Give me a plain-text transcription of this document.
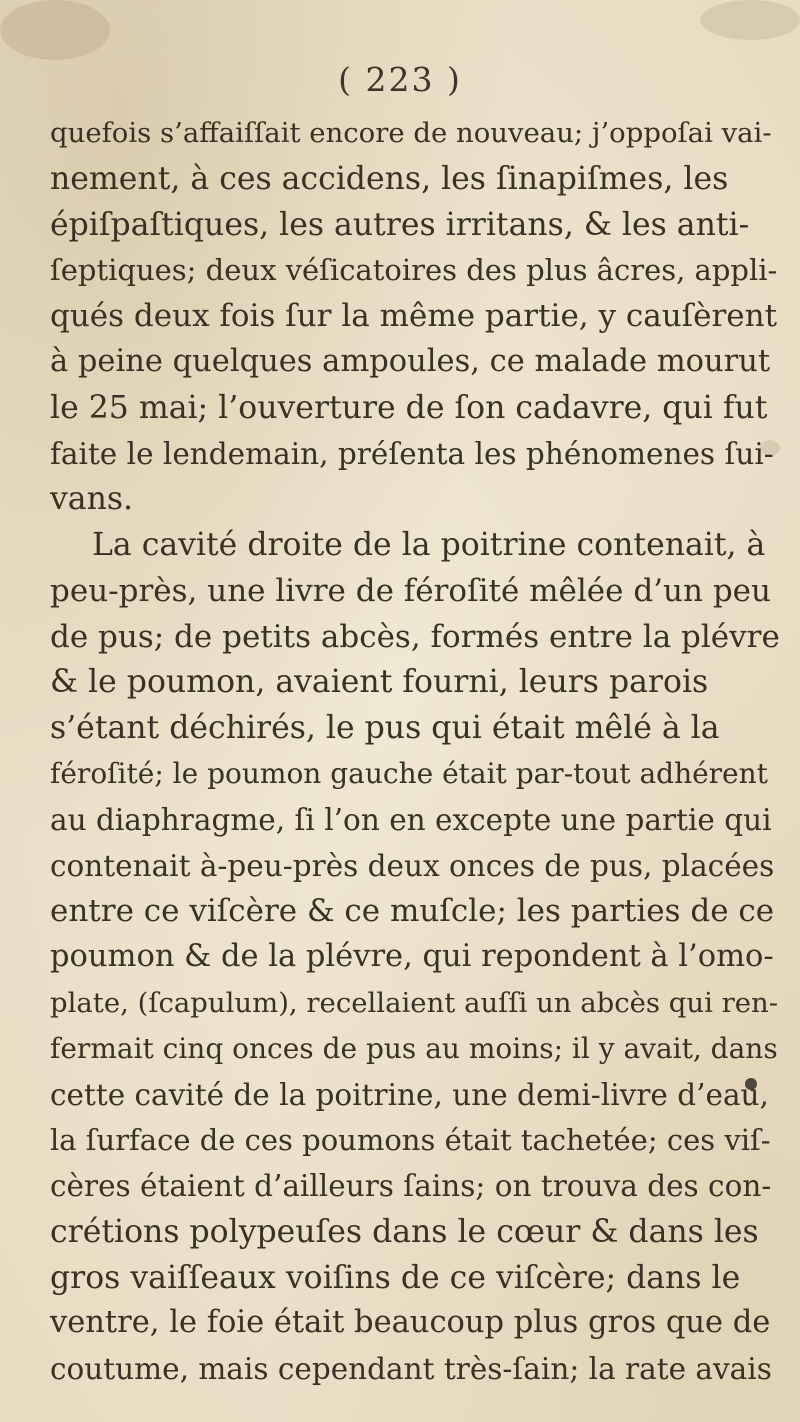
( 223 )
quefois s’affaiſſait encore de nouveau; j’oppoſai vai-
nement, à ces accidens, les ſinapiſmes, les
épiſpaſtiques, les autres irritans, & les anti-
ſeptiques; deux véſicatoires des plus âcres, appli-
qués deux fois ſur la même partie, y cauſèrent
à peine quelques ampoules, ce malade mourut
le 25 mai; l’ouverture de ſon cadavre, qui fut
faite le lendemain, préſenta les phénomenes ſui-
vans.
La cavité droite de la poitrine contenait, à
peu-près, une livre de féroſité mêlée d’un peu
de pus; de petits abcès, formés entre la plévre
& le poumon, avaient fourni, leurs parois
s’étant déchirés, le pus qui était mêlé à la
féroſité; le poumon gauche était par-tout adhérent
au diaphragme, ſi l’on en excepte une partie qui
contenait à-peu-près deux onces de pus, placées
entre ce viſcère & ce muſcle; les parties de ce
poumon & de la plévre, qui repondent à l’omo-
plate, (ſcapulum), recellaient auſſi un abcès qui ren-
fermait cinq onces de pus au moins; il y avait, dans
cette cavité de la poitrine, une demi-livre d’eau,
la ſurface de ces poumons était tachetée; ces viſ-
cères étaient d’ailleurs ſains; on trouva des con-
crétions polypeuſes dans le cœur & dans les
gros vaiſſeaux voiſins de ce viſcère; dans le
ventre, le foie était beaucoup plus gros que de
coutume, mais cependant très-ſain; la rate avais
